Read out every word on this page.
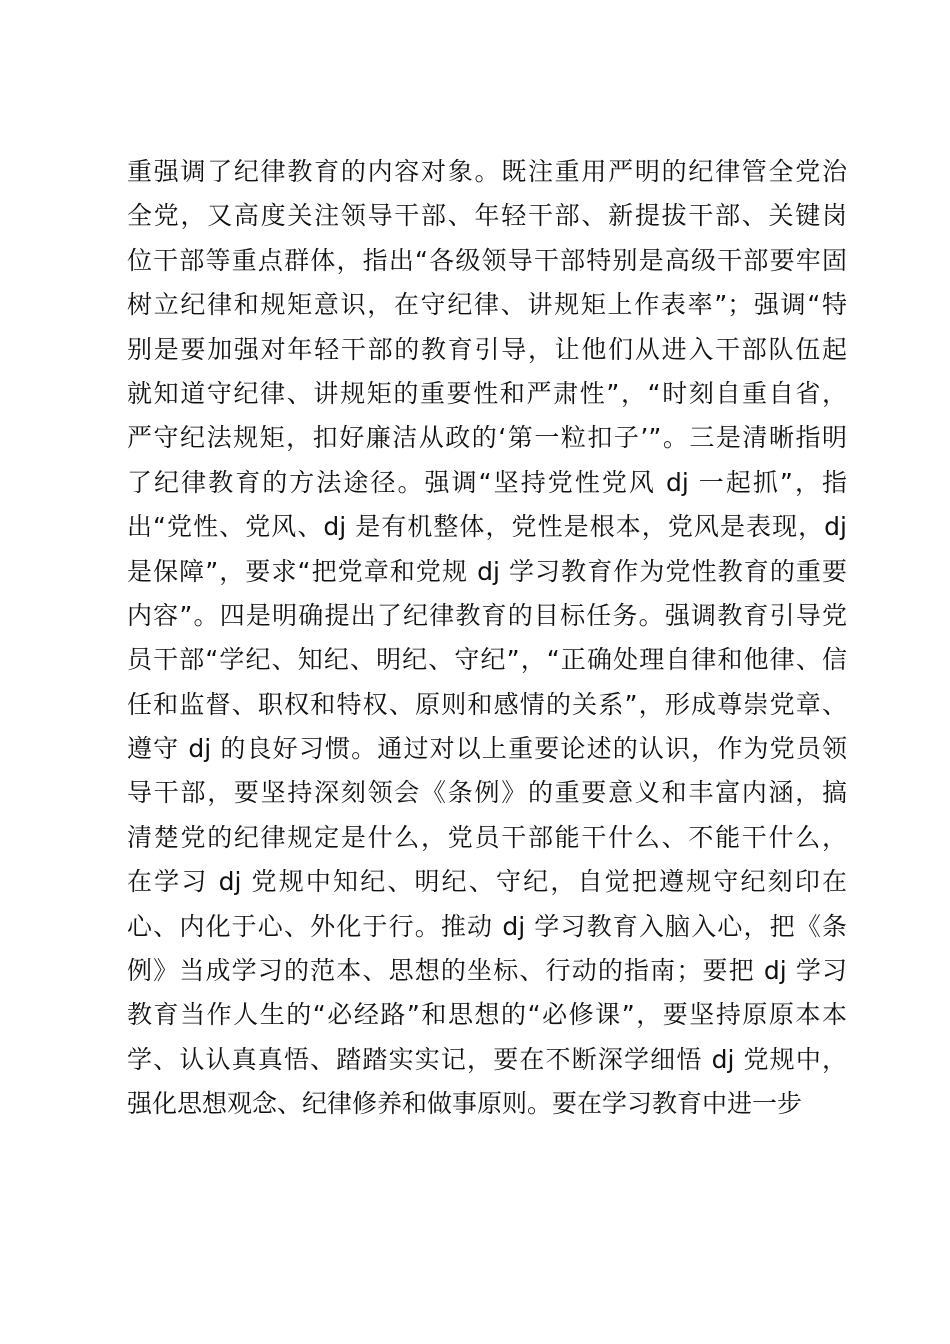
重强调了纪律教育的内容对象。既注重用严明的纪律管全党治
全党，又高度关注领导干部、年轻干部、新提拔干部、关键岗
位干部等重点群体，指出“各级领导干部特别是高级干部要牢固
树立纪律和规矩意识，在守纪律、讲规矩上作表率”；强调“特
别是要加强对年轻干部的教育引导，让他们从进入干部队伍起
就知道守纪律、讲规矩的重要性和严肃性”，“时刻自重自省，
严守纪法规矩，扣好廉洁从政的‘第一粒扣子’”。三是清晰指明
了纪律教育的方法途径。强调“坚持党性党风 dj 一起抓”，指
出“党性、党风、dj 是有机整体，党性是根本，党风是表现，dj
是保障”，要求“把党章和党规 dj 学习教育作为党性教育的重要
内容”。四是明确提出了纪律教育的目标任务。强调教育引导党
员干部“学纪、知纪、明纪、守纪”，“正确处理自律和他律、信
任和监督、职权和特权、原则和感情的关系”，形成尊崇党章、
遵守 dj 的良好习惯。通过对以上重要论述的认识，作为党员领
导干部，要坚持深刻领会《条例》的重要意义和丰富内涵，搞
清楚党的纪律规定是什么，党员干部能干什么、不能干什么，
在学习 dj 党规中知纪、明纪、守纪，自觉把遵规守纪刻印在
心、内化于心、外化于行。推动 dj 学习教育入脑入心，把《条
例》当成学习的范本、思想的坐标、行动的指南；要把 dj 学习
教育当作人生的“必经路”和思想的“必修课”，要坚持原原本本
学、认认真真悟、踏踏实实记，要在不断深学细悟 dj 党规中，
强化思想观念、纪律修养和做事原则。要在学习教育中进一步
